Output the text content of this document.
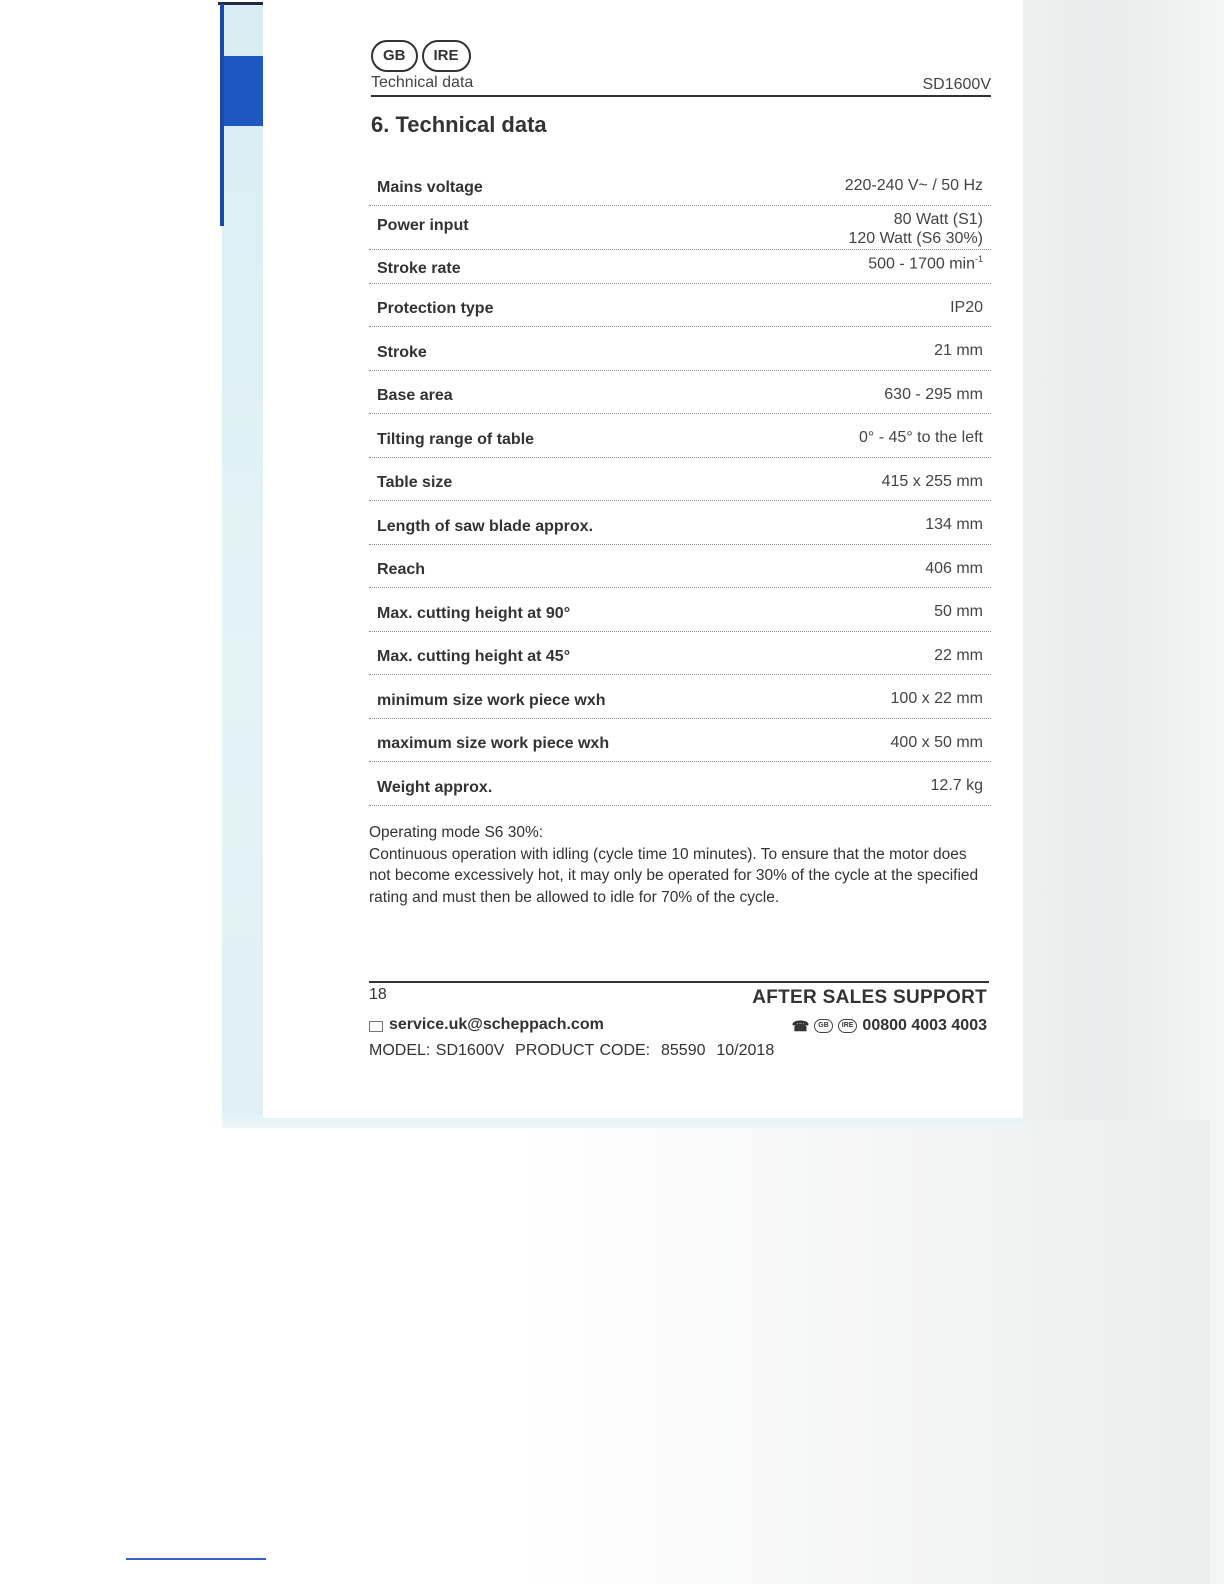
GB	IRE
Technical data	SD1600V
6. Technical data
Mains voltage	220-240 V~ / 50 Hz
Power input	80 Watt (S1)
120 Watt (S6 30%)
Stroke rate	500 - 1700 $\min^{-1}$
Protection type	IP20
Stroke	21 mm
Base area	630 - 295 mm
Tilting range of table	0° - 45° to the left
Table size	415 x 255 mm
Length of saw blade approx.	134 mm
Reach	406 mm
Max. cutting height at 90°	50 mm
Max. cutting height at 45°	22 mm
minimum size work piece wxh	100 x 22 mm
maximum size work piece wxh	400 x 50 mm
Weight approx.	12.7 kg
Operating mode S6 30%:
Continuous operation with idling (cycle time 10 minutes). To ensure that the motor does not become excessively hot, it may only be operated for 30% of the cycle at the specified rating and must then be allowed to idle for 70% of the cycle.
18	AFTER SALES SUPPORT
service.uk@scheppach.com	☎	GB	IRE 00800 4003 4003
MODEL: SD1600V  PRODUCT CODE:  85590  10/2018
